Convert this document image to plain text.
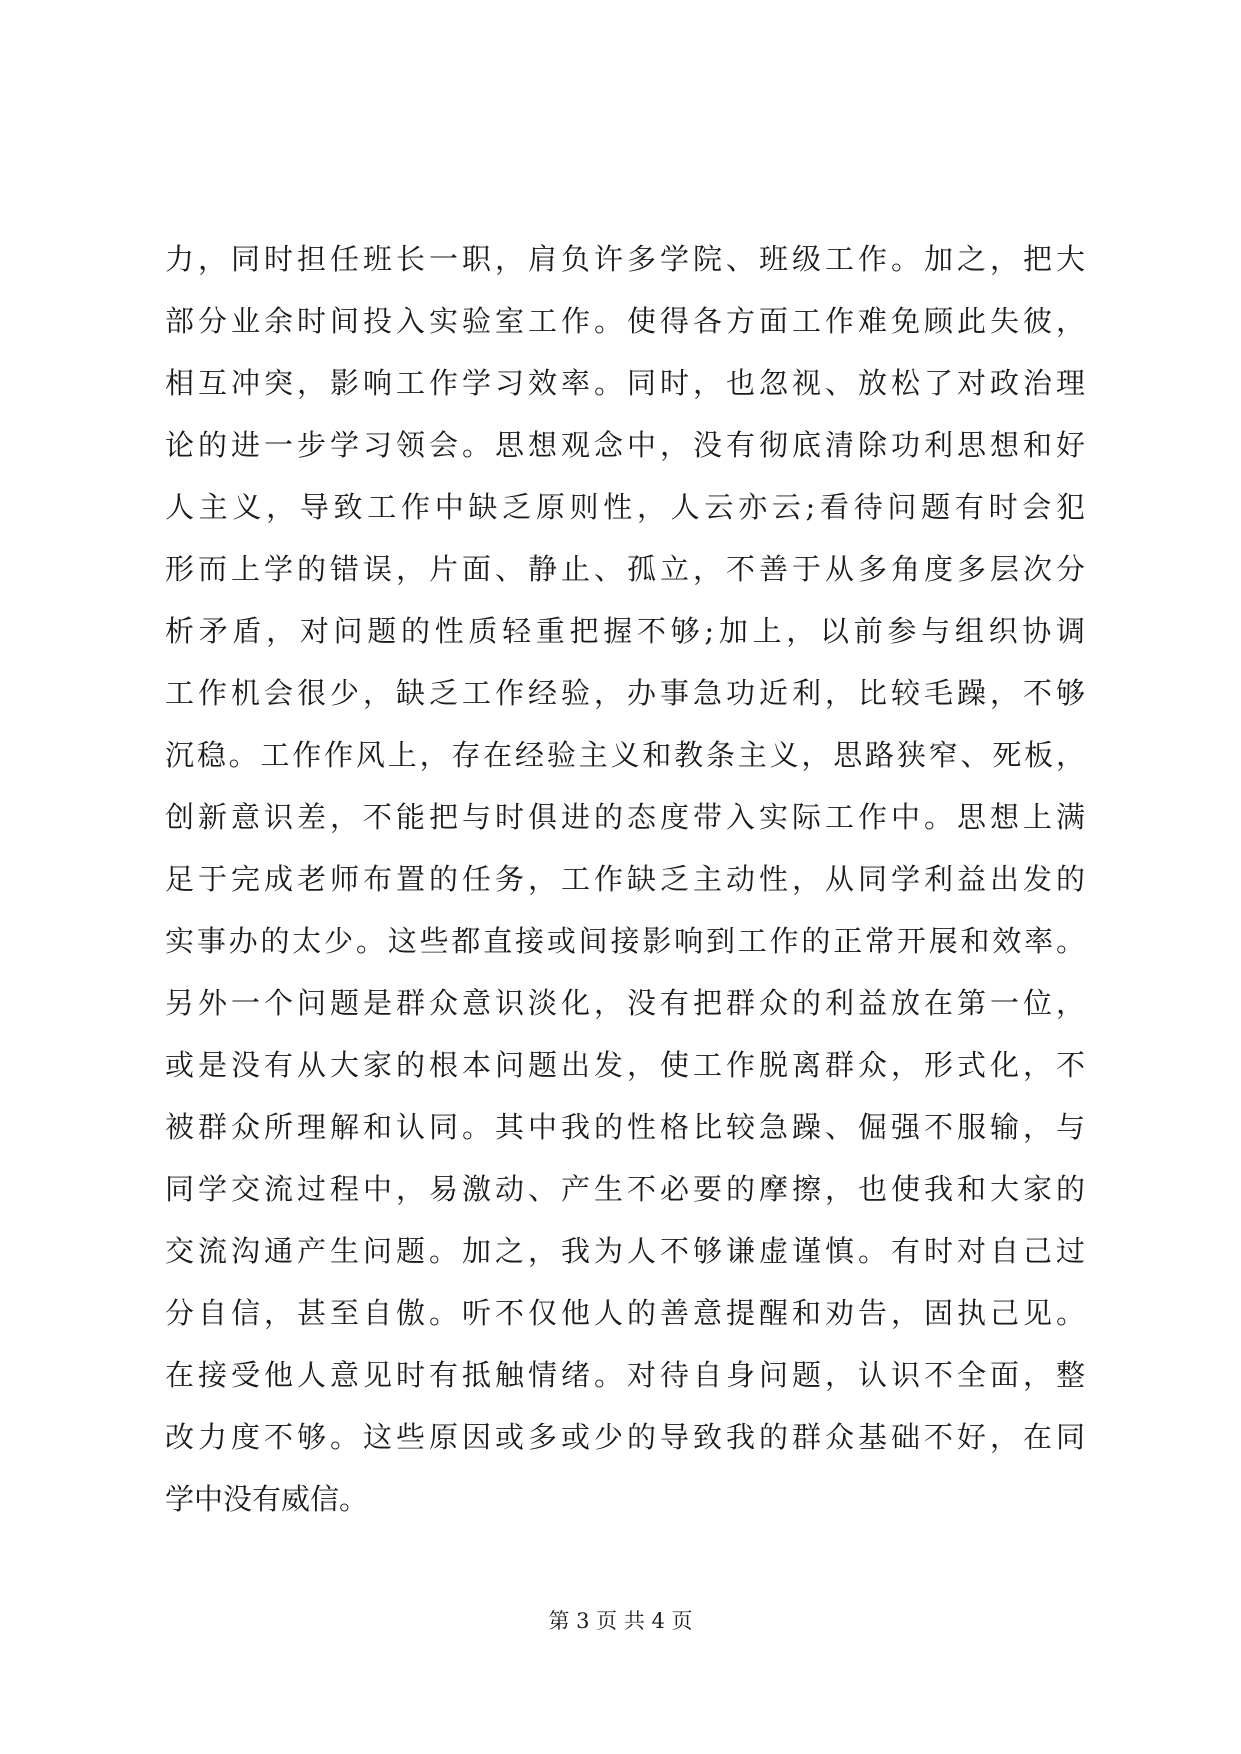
力，同时担任班长一职，肩负许多学院、班级工作。加之，把大
部分业余时间投入实验室工作。使得各方面工作难免顾此失彼，
相互冲突，影响工作学习效率。同时，也忽视、放松了对政治理
论的进一步学习领会。思想观念中，没有彻底清除功利思想和好
人主义，导致工作中缺乏原则性，人云亦云;看待问题有时会犯
形而上学的错误，片面、静止、孤立，不善于从多角度多层次分
析矛盾，对问题的性质轻重把握不够;加上，以前参与组织协调
工作机会很少，缺乏工作经验，办事急功近利，比较毛躁，不够
沉稳。工作作风上，存在经验主义和教条主义，思路狭窄、死板，
创新意识差，不能把与时俱进的态度带入实际工作中。思想上满
足于完成老师布置的任务，工作缺乏主动性，从同学利益出发的
实事办的太少。这些都直接或间接影响到工作的正常开展和效率。
另外一个问题是群众意识淡化，没有把群众的利益放在第一位，
或是没有从大家的根本问题出发，使工作脱离群众，形式化，不
被群众所理解和认同。其中我的性格比较急躁、倔强不服输，与
同学交流过程中，易激动、产生不必要的摩擦，也使我和大家的
交流沟通产生问题。加之，我为人不够谦虚谨慎。有时对自己过
分自信，甚至自傲。听不仅他人的善意提醒和劝告，固执己见。
在接受他人意见时有抵触情绪。对待自身问题，认识不全面，整
改力度不够。这些原因或多或少的导致我的群众基础不好，在同
学中没有威信。
第 3 页 共 4 页
